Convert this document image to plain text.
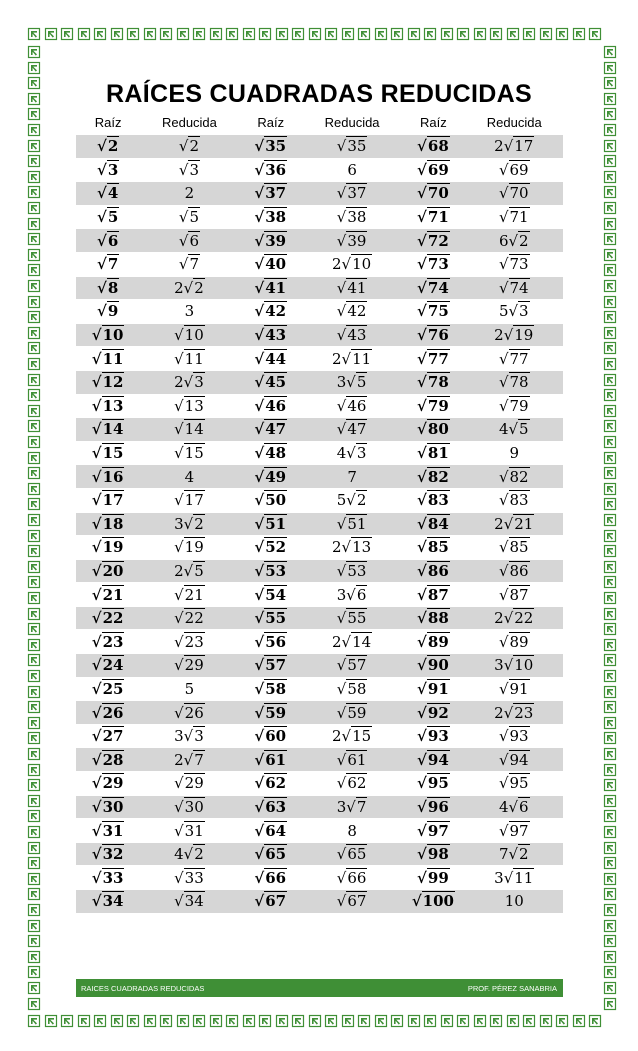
RAÍCES CUADRADAS REDUCIDAS
Raíz	Reducida	Raíz	Reducida	Raíz	Reducida
√2	√2	√35	√35	√68	2√17
√3	√3	√36	6	√69	√69
√4	2	√37	√37	√70	√70
√5	√5	√38	√38	√71	√71
√6	√6	√39	√39	√72	6√2
√7	√7	√40	2√10	√73	√73
√8	2√2	√41	√41	√74	√74
√9	3	√42	√42	√75	5√3
√10	√10	√43	√43	√76	2√19
√11	√11	√44	2√11	√77	√77
√12	2√3	√45	3√5	√78	√78
√13	√13	√46	√46	√79	√79
√14	√14	√47	√47	√80	4√5
√15	√15	√48	4√3	√81	9
√16	4	√49	7	√82	√82
√17	√17	√50	5√2	√83	√83
√18	3√2	√51	√51	√84	2√21
√19	√19	√52	2√13	√85	√85
√20	2√5	√53	√53	√86	√86
√21	√21	√54	3√6	√87	√87
√22	√22	√55	√55	√88	2√22
√23	√23	√56	2√14	√89	√89
√24	√29	√57	√57	√90	3√10
√25	5	√58	√58	√91	√91
√26	√26	√59	√59	√92	2√23
√27	3√3	√60	2√15	√93	√93
√28	2√7	√61	√61	√94	√94
√29	√29	√62	√62	√95	√95
√30	√30	√63	3√7	√96	4√6
√31	√31	√64	8	√97	√97
√32	4√2	√65	√65	√98	7√2
√33	√33	√66	√66	√99	3√11
√34	√34	√67	√67	√100	10
RAICES CUADRADAS REDUCIDAS	PROF. PÉREZ SANABRIA
